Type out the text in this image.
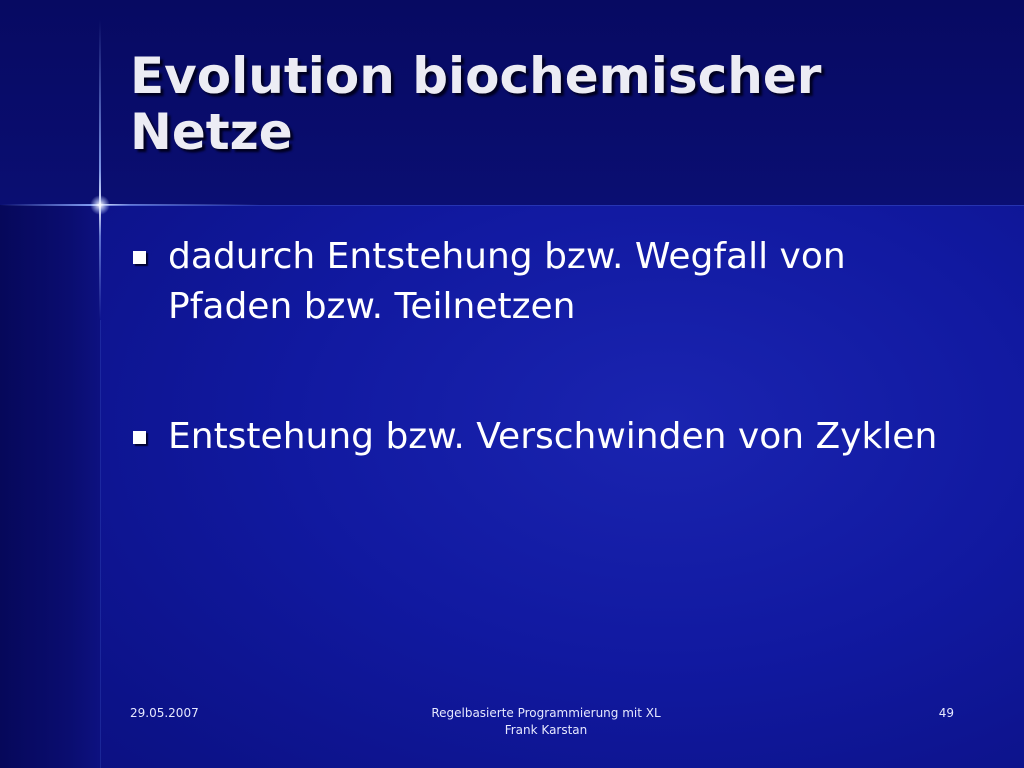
Evolution biochemischer Netze
dadurch Entstehung bzw. Wegfall von Pfaden bzw. Teilnetzen
Entstehung bzw. Verschwinden von Zyklen
29.05.2007	Regelbasierte Programmierung mit XL
Frank Karstan
49
